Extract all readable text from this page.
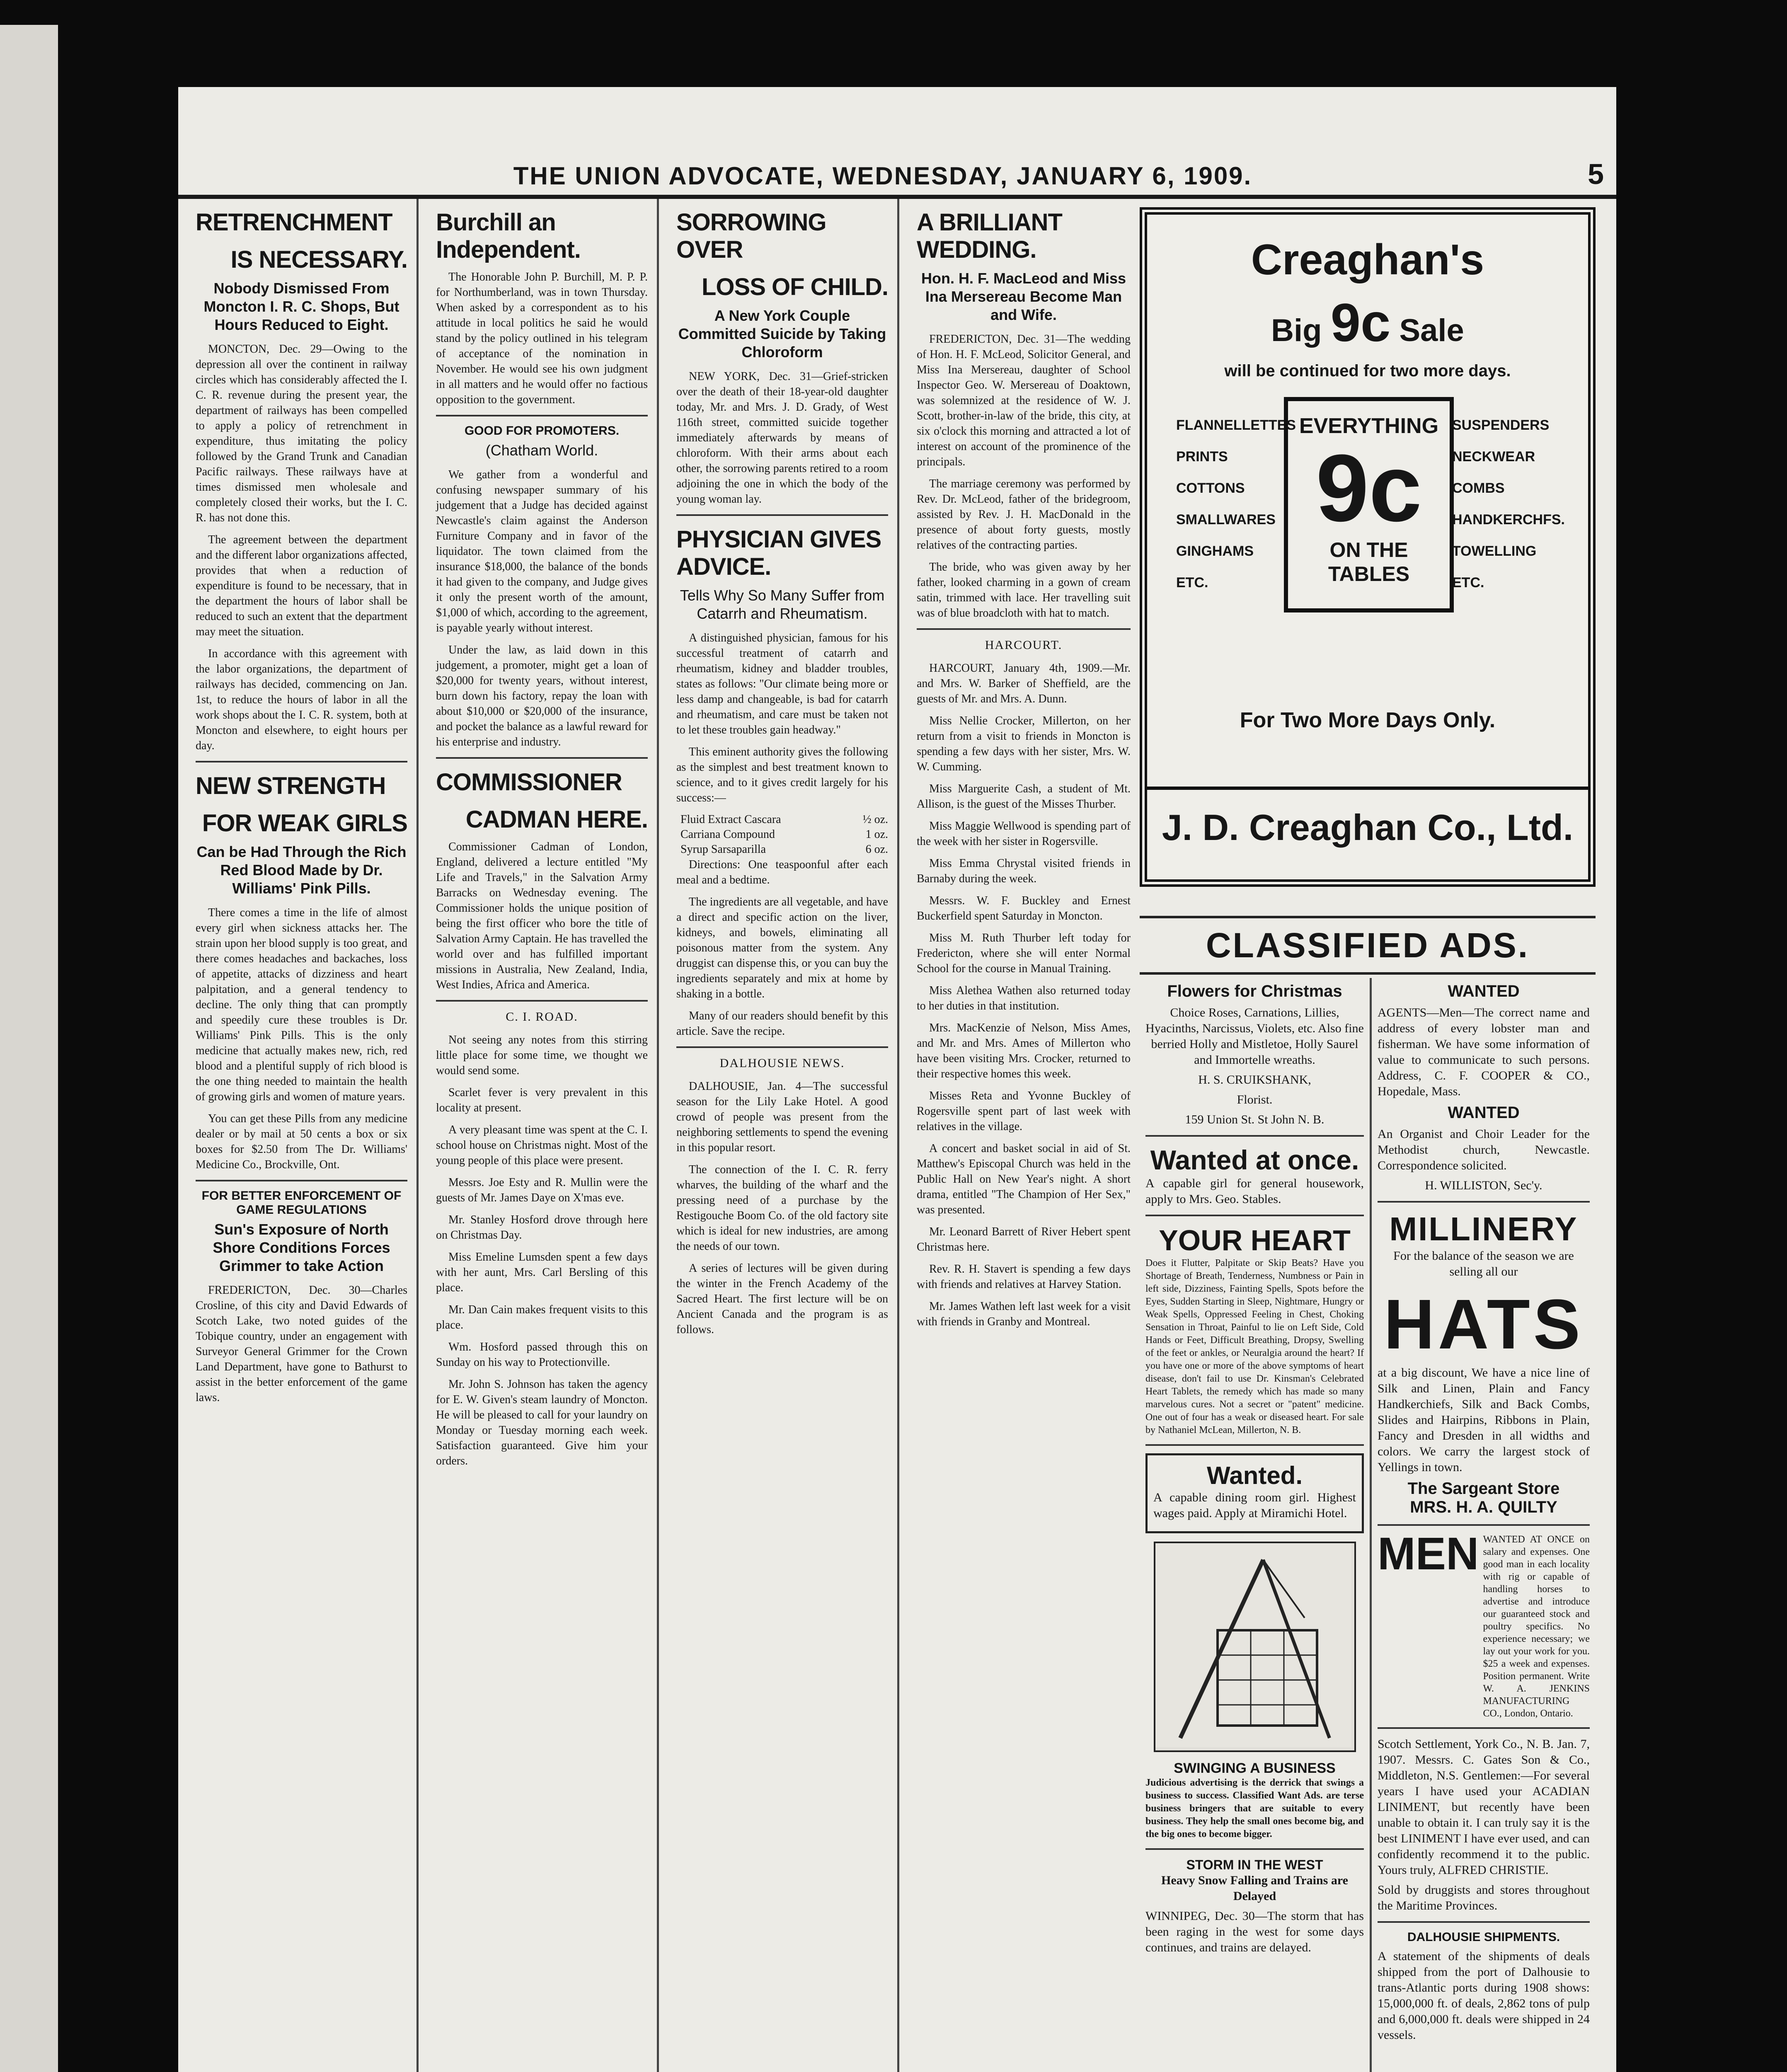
THE UNION ADVOCATE, WEDNESDAY, JANUARY 6, 1909.	5
RETRENCHMENT
IS NECESSARY.
Nobody Dismissed From Moncton I. R. C. Shops, But Hours Reduced to Eight.

MONCTON, Dec. 29—Owing to the depression all over the continent in railway circles which has considerably affected the I. C. R. revenue during the present year, the department of railways has been compelled to apply a policy of retrenchment in expenditure, thus imitating the policy followed by the Grand Trunk and Canadian Pacific railways. These railways have at times dismissed men wholesale and completely closed their works, but the I. C. R. has not done this.

The agreement between the department and the different labor organizations affected, provides that when a reduction of expenditure is found to be necessary, that in the department the hours of labor shall be reduced to such an extent that the department may meet the situation.

In accordance with this agreement with the labor organizations, the department of railways has decided, commencing on Jan. 1st, to reduce the hours of labor in all the work shops about the I. C. R. system, both at Moncton and elsewhere, to eight hours per day.

NEW STRENGTH
FOR WEAK GIRLS
Can be Had Through the Rich Red Blood Made by Dr. Williams' Pink Pills.

There comes a time in the life of almost every girl when sickness attacks her. The strain upon her blood supply is too great, and there comes headaches and backaches, loss of appetite, attacks of dizziness and heart palpitation, and a general tendency to decline. The only thing that can promptly and speedily cure these troubles is Dr. Williams' Pink Pills. This is the only medicine that actually makes new, rich, red blood and a plentiful supply of rich blood is the one thing needed to maintain the health of growing girls and women of mature years.

You can get these Pills from any medicine dealer or by mail at 50 cents a box or six boxes for $2.50 from The Dr. Williams' Medicine Co., Brockville, Ont.

FOR BETTER ENFORCEMENT OF GAME REGULATIONS
Sun's Exposure of North Shore Conditions Forces Grimmer to take Action

FREDERICTON, Dec. 30—Charles Crosline, of this city and David Edwards of Scotch Lake, two noted guides of the Tobique country, under an engagement with Surveyor General Grimmer for the Crown Land Department, have gone to Bathurst to assist in the better enforcement of the game laws.

Burchill an Independent.

The Honorable John P. Burchill, M. P. P. for Northumberland, was in town Thursday. When asked by a correspondent as to his attitude in local politics he said he would stand by the policy outlined in his telegram of acceptance of the nomination in November. He would see his own judgment in all matters and he would offer no factious opposition to the government.

GOOD FOR PROMOTERS.
(Chatham World.

We gather from a wonderful and confusing newspaper summary of his judgement that a Judge has decided against Newcastle's claim against the Anderson Furniture Company and in favor of the liquidator. The town claimed from the insurance $18,000, the balance of the bonds it had given to the company, and Judge gives it only the present worth of the amount, $1,000 of which, according to the agreement, is payable yearly without interest.

Under the law, as laid down in this judgement, a promoter, might get a loan of $20,000 for twenty years, without interest, burn down his factory, repay the loan with about $10,000 or $20,000 of the insurance, and pocket the balance as a lawful reward for his enterprise and industry.

COMMISSIONER
CADMAN HERE.

Commissioner Cadman of London, England, delivered a lecture entitled "My Life and Travels," in the Salvation Army Barracks on Wednesday evening. The Commissioner holds the unique position of being the first officer who bore the title of Salvation Army Captain. He has travelled the world over and has fulfilled important missions in Australia, New Zealand, India, West Indies, Africa and America.

C. I. ROAD.

Not seeing any notes from this stirring little place for some time, we thought we would send some.

Scarlet fever is very prevalent in this locality at present.

A very pleasant time was spent at the C. I. school house on Christmas night. Most of the young people of this place were present.

Messrs. Joe Esty and R. Mullin were the guests of Mr. James Daye on X'mas eve.

Mr. Stanley Hosford drove through here on Christmas Day.

Miss Emeline Lumsden spent a few days with her aunt, Mrs. Carl Bersling of this place.

Mr. Dan Cain makes frequent visits to this place.

Wm. Hosford passed through this on Sunday on his way to Protectionville.

Mr. John S. Johnson has taken the agency for E. W. Given's steam laundry of Moncton. He will be pleased to call for your laundry on Monday or Tuesday morning each week. Satisfaction guaranteed. Give him your orders.

SORROWING OVER
LOSS OF CHILD.
A New York Couple Committed Suicide by Taking Chloroform

NEW YORK, Dec. 31—Grief-stricken over the death of their 18-year-old daughter today, Mr. and Mrs. J. D. Grady, of West 116th street, committed suicide together immediately afterwards by means of chloroform. With their arms about each other, the sorrowing parents retired to a room adjoining the one in which the body of the young woman lay.

PHYSICIAN GIVES ADVICE.
Tells Why So Many Suffer from Catarrh and Rheumatism.

A distinguished physician, famous for his successful treatment of catarrh and rheumatism, kidney and bladder troubles, states as follows: "Our climate being more or less damp and changeable, is bad for catarrh and rheumatism, and care must be taken not to let these troubles gain headway."

This eminent authority gives the following as the simplest and best treatment known to science, and to it gives credit largely for his success:—

Fluid Extract Cascara	½ oz.
Carriana Compound	1 oz.
Syrup Sarsaparilla	6 oz.

Directions: One teaspoonful after each meal and a bedtime.

The ingredients are all vegetable, and have a direct and specific action on the liver, kidneys, and bowels, eliminating all poisonous matter from the system. Any druggist can dispense this, or you can buy the ingredients separately and mix at home by shaking in a bottle.

Many of our readers should benefit by this article. Save the recipe.

DALHOUSIE NEWS.

DALHOUSIE, Jan. 4—The successful season for the Lily Lake Hotel. A good crowd of people was present from the neighboring settlements to spend the evening in this popular resort.

The connection of the I. C. R. ferry wharves, the building of the wharf and the pressing need of a purchase by the Restigouche Boom Co. of the old factory site which is ideal for new industries, are among the needs of our town.

A series of lectures will be given during the winter in the French Academy of the Sacred Heart. The first lecture will be on Ancient Canada and the program is as follows.

A BRILLIANT WEDDING.
Hon. H. F. MacLeod and Miss Ina Mersereau Become Man and Wife.

FREDERICTON, Dec. 31—The wedding of Hon. H. F. McLeod, Solicitor General, and Miss Ina Mersereau, daughter of School Inspector Geo. W. Mersereau of Doaktown, was solemnized at the residence of W. J. Scott, brother-in-law of the bride, this city, at six o'clock this morning and attracted a lot of interest on account of the prominence of the principals.

The marriage ceremony was performed by Rev. Dr. McLeod, father of the bridegroom, assisted by Rev. J. H. MacDonald in the presence of about forty guests, mostly relatives of the contracting parties.

The bride, who was given away by her father, looked charming in a gown of cream satin, trimmed with lace. Her travelling suit was of blue broadcloth with hat to match.

HARCOURT.

HARCOURT, January 4th, 1909.—Mr. and Mrs. W. Barker of Sheffield, are the guests of Mr. and Mrs. A. Dunn.

Miss Nellie Crocker, Millerton, on her return from a visit to friends in Moncton is spending a few days with her sister, Mrs. W. W. Cumming.

Miss Marguerite Cash, a student of Mt. Allison, is the guest of the Misses Thurber.

Miss Maggie Wellwood is spending part of the week with her sister in Rogersville.

Miss Emma Chrystal visited friends in Barnaby during the week.

Messrs. W. F. Buckley and Ernest Buckerfield spent Saturday in Moncton.

Miss M. Ruth Thurber left today for Fredericton, where she will enter Normal School for the course in Manual Training.

Miss Alethea Wathen also returned today to her duties in that institution.

Mrs. MacKenzie of Nelson, Miss Ames, and Mr. and Mrs. Ames of Millerton who have been visiting Mrs. Crocker, returned to their respective homes this week.

Misses Reta and Yvonne Buckley of Rogersville spent part of last week with relatives in the village.

A concert and basket social in aid of St. Matthew's Episcopal Church was held in the Public Hall on New Year's night. A short drama, entitled "The Champion of Her Sex," was presented.

Mr. Leonard Barrett of River Hebert spent Christmas here.

Rev. R. H. Stavert is spending a few days with friends and relatives at Harvey Station.

Mr. James Wathen left last week for a visit with friends in Granby and Montreal.

Creaghan's
Big 9c Sale
will be continued for two more days.
FLANNELLETTES
PRINTS
COTTONS
SMALLWARES
GINGHAMS
ETC.
EVERYTHING
9c
ON THE TABLES
SUSPENDERS
NECKWEAR
COMBS
HANDKERCHFS.
TOWELLING
ETC.
For Two More Days Only.
J. D. Creaghan Co., Ltd.
CLASSIFIED ADS.
Flowers for Christmas
Choice Roses, Carnations, Lillies, Hyacinths, Narcissus, Violets, etc. Also fine berried Holly and Mistletoe, Holly Saurel and Immortelle wreaths.
H. S. CRUIKSHANK,
Florist.
159 Union St. St John N. B.
Wanted at once.
A capable girl for general housework, apply to Mrs. Geo. Stables.
YOUR HEART
Does it Flutter, Palpitate or Skip Beats? Have you Shortage of Breath, Tenderness, Numbness or Pain in left side, Dizziness, Fainting Spells, Spots before the Eyes, Sudden Starting in Sleep, Nightmare, Hungry or Weak Spells, Oppressed Feeling in Chest, Choking Sensation in Throat, Painful to lie on Left Side, Cold Hands or Feet, Difficult Breathing, Dropsy, Swelling of the feet or ankles, or Neuralgia around the heart? If you have one or more of the above symptoms of heart disease, don't fail to use Dr. Kinsman's Celebrated Heart Tablets, the remedy which has made so many marvelous cures. Not a secret or "patent" medicine. One out of four has a weak or diseased heart. For sale by Nathaniel McLean, Millerton, N. B.
Wanted.
A capable dining room girl. Highest wages paid. Apply at Miramichi Hotel.
SWINGING A BUSINESS
Judicious advertising is the derrick that swings a business to success. Classified Want Ads. are terse business bringers that are suitable to every business. They help the small ones become big, and the big ones to become bigger.
STORM IN THE WEST
Heavy Snow Falling and Trains are Delayed
WINNIPEG, Dec. 30—The storm that has been raging in the west for some days continues, and trains are delayed.
WANTED
AGENTS—Men—The correct name and address of every lobster man and fisherman. We have some information of value to communicate to such persons. Address, C. F. COOPER & CO., Hopedale, Mass.
WANTED
An Organist and Choir Leader for the Methodist church, Newcastle. Correspondence solicited.
H. WILLISTON, Sec'y.
MILLINERY
For the balance of the season we are selling all our
HATS
at a big discount, We have a nice line of Silk and Linen, Plain and Fancy Handkerchiefs, Silk and Back Combs, Slides and Hairpins, Ribbons in Plain, Fancy and Dresden in all widths and colors. We carry the largest stock of Yellings in town.
The Sargeant Store
MRS. H. A. QUILTY
MEN WANTED AT ONCE on salary and expenses. One good man in each locality with rig or capable of handling horses to advertise and introduce our guaranteed stock and poultry specifics. No experience necessary; we lay out your work for you. $25 a week and expenses. Position permanent. Write W. A. JENKINS MANUFACTURING CO., London, Ontario.
Scotch Settlement, York Co., N. B. Jan. 7, 1907. Messrs. C. Gates Son & Co., Middleton, N.S. Gentlemen:—For several years I have used your ACADIAN LINIMENT, but recently have been unable to obtain it. I can truly say it is the best LINIMENT I have ever used, and can confidently recommend it to the public. Yours truly, ALFRED CHRISTIE.
Sold by druggists and stores throughout the Maritime Provinces.
DALHOUSIE SHIPMENTS.
A statement of the shipments of deals shipped from the port of Dalhousie to trans-Atlantic ports during 1908 shows: 15,000,000 ft. of deals, 2,862 tons of pulp and 6,000,000 ft. deals were shipped in 24 vessels.
